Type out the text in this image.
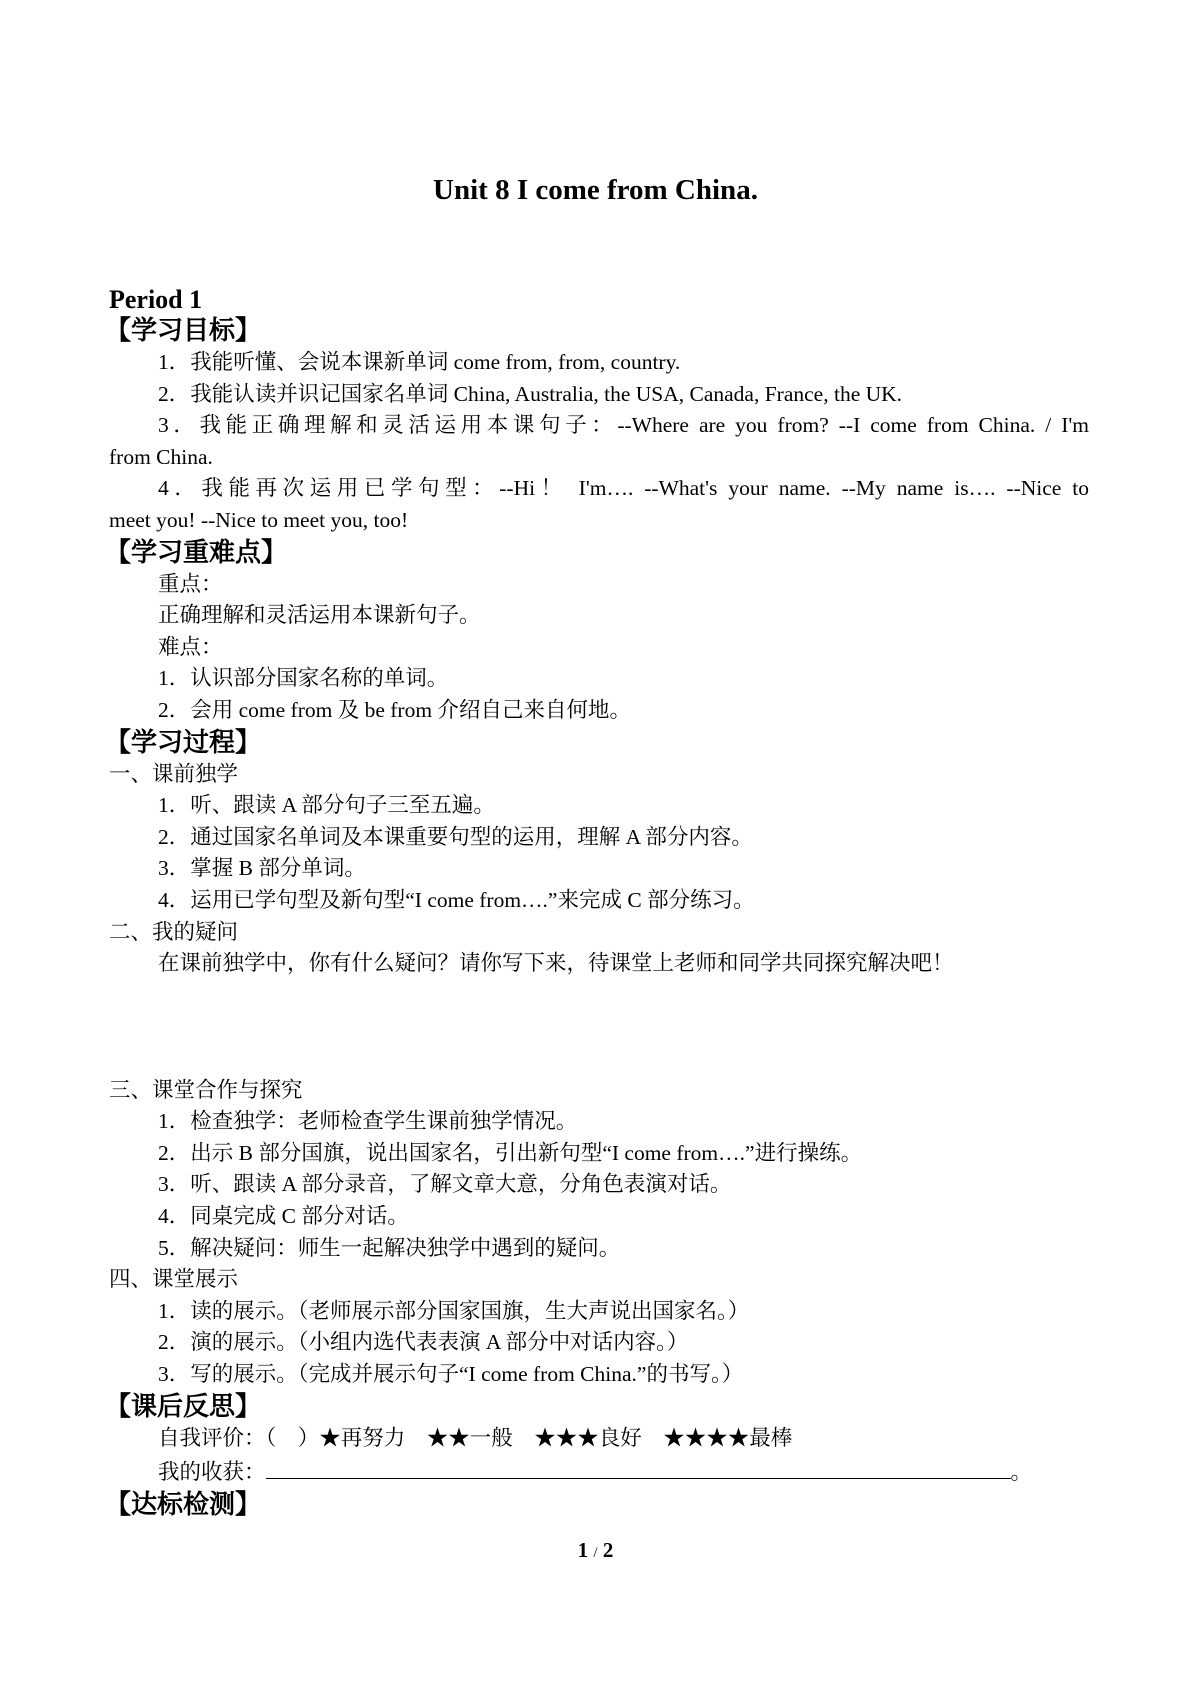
Unit 8 I come from China.
Period 1
【学习目标】
1．我能听懂、会说本课新单词 come from, from, country.
2．我能认读并识记国家名单词 China, Australia, the USA, Canada, France, the UK.
3．我能正确理解和灵活运用本课句子：--Where are you from? --I come from China. / I'm
from China.
4．我能再次运用已学句型：--Hi！ I'm…. --What's your name. --My name is…. --Nice to
meet you! --Nice to meet you, too!
【学习重难点】
重点：
正确理解和灵活运用本课新句子。
难点：
1．认识部分国家名称的单词。
2．会用 come from 及 be from 介绍自己来自何地。
【学习过程】
一、课前独学
1．听、跟读 A 部分句子三至五遍。
2．通过国家名单词及本课重要句型的运用，理解 A 部分内容。
3．掌握 B 部分单词。
4．运用已学句型及新句型“I come from….”来完成 C 部分练习。
二、我的疑问
在课前独学中，你有什么疑问？请你写下来，待课堂上老师和同学共同探究解决吧！
三、课堂合作与探究
1．检查独学：老师检查学生课前独学情况。
2．出示 B 部分国旗，说出国家名，引出新句型“I come from….”进行操练。
3．听、跟读 A 部分录音，了解文章大意，分角色表演对话。
4．同桌完成 C 部分对话。
5．解决疑问：师生一起解决独学中遇到的疑问。
四、课堂展示
1．读的展示。（老师展示部分国家国旗，生大声说出国家名。）
2．演的展示。（小组内选代表表演 A 部分中对话内容。）
3．写的展示。（完成并展示句子“I come from China.”的书写。）
【课后反思】
自我评价：（　）★再努力　★★一般　★★★良好　★★★★最棒
我的收获：	。
【达标检测】
1 / 2
